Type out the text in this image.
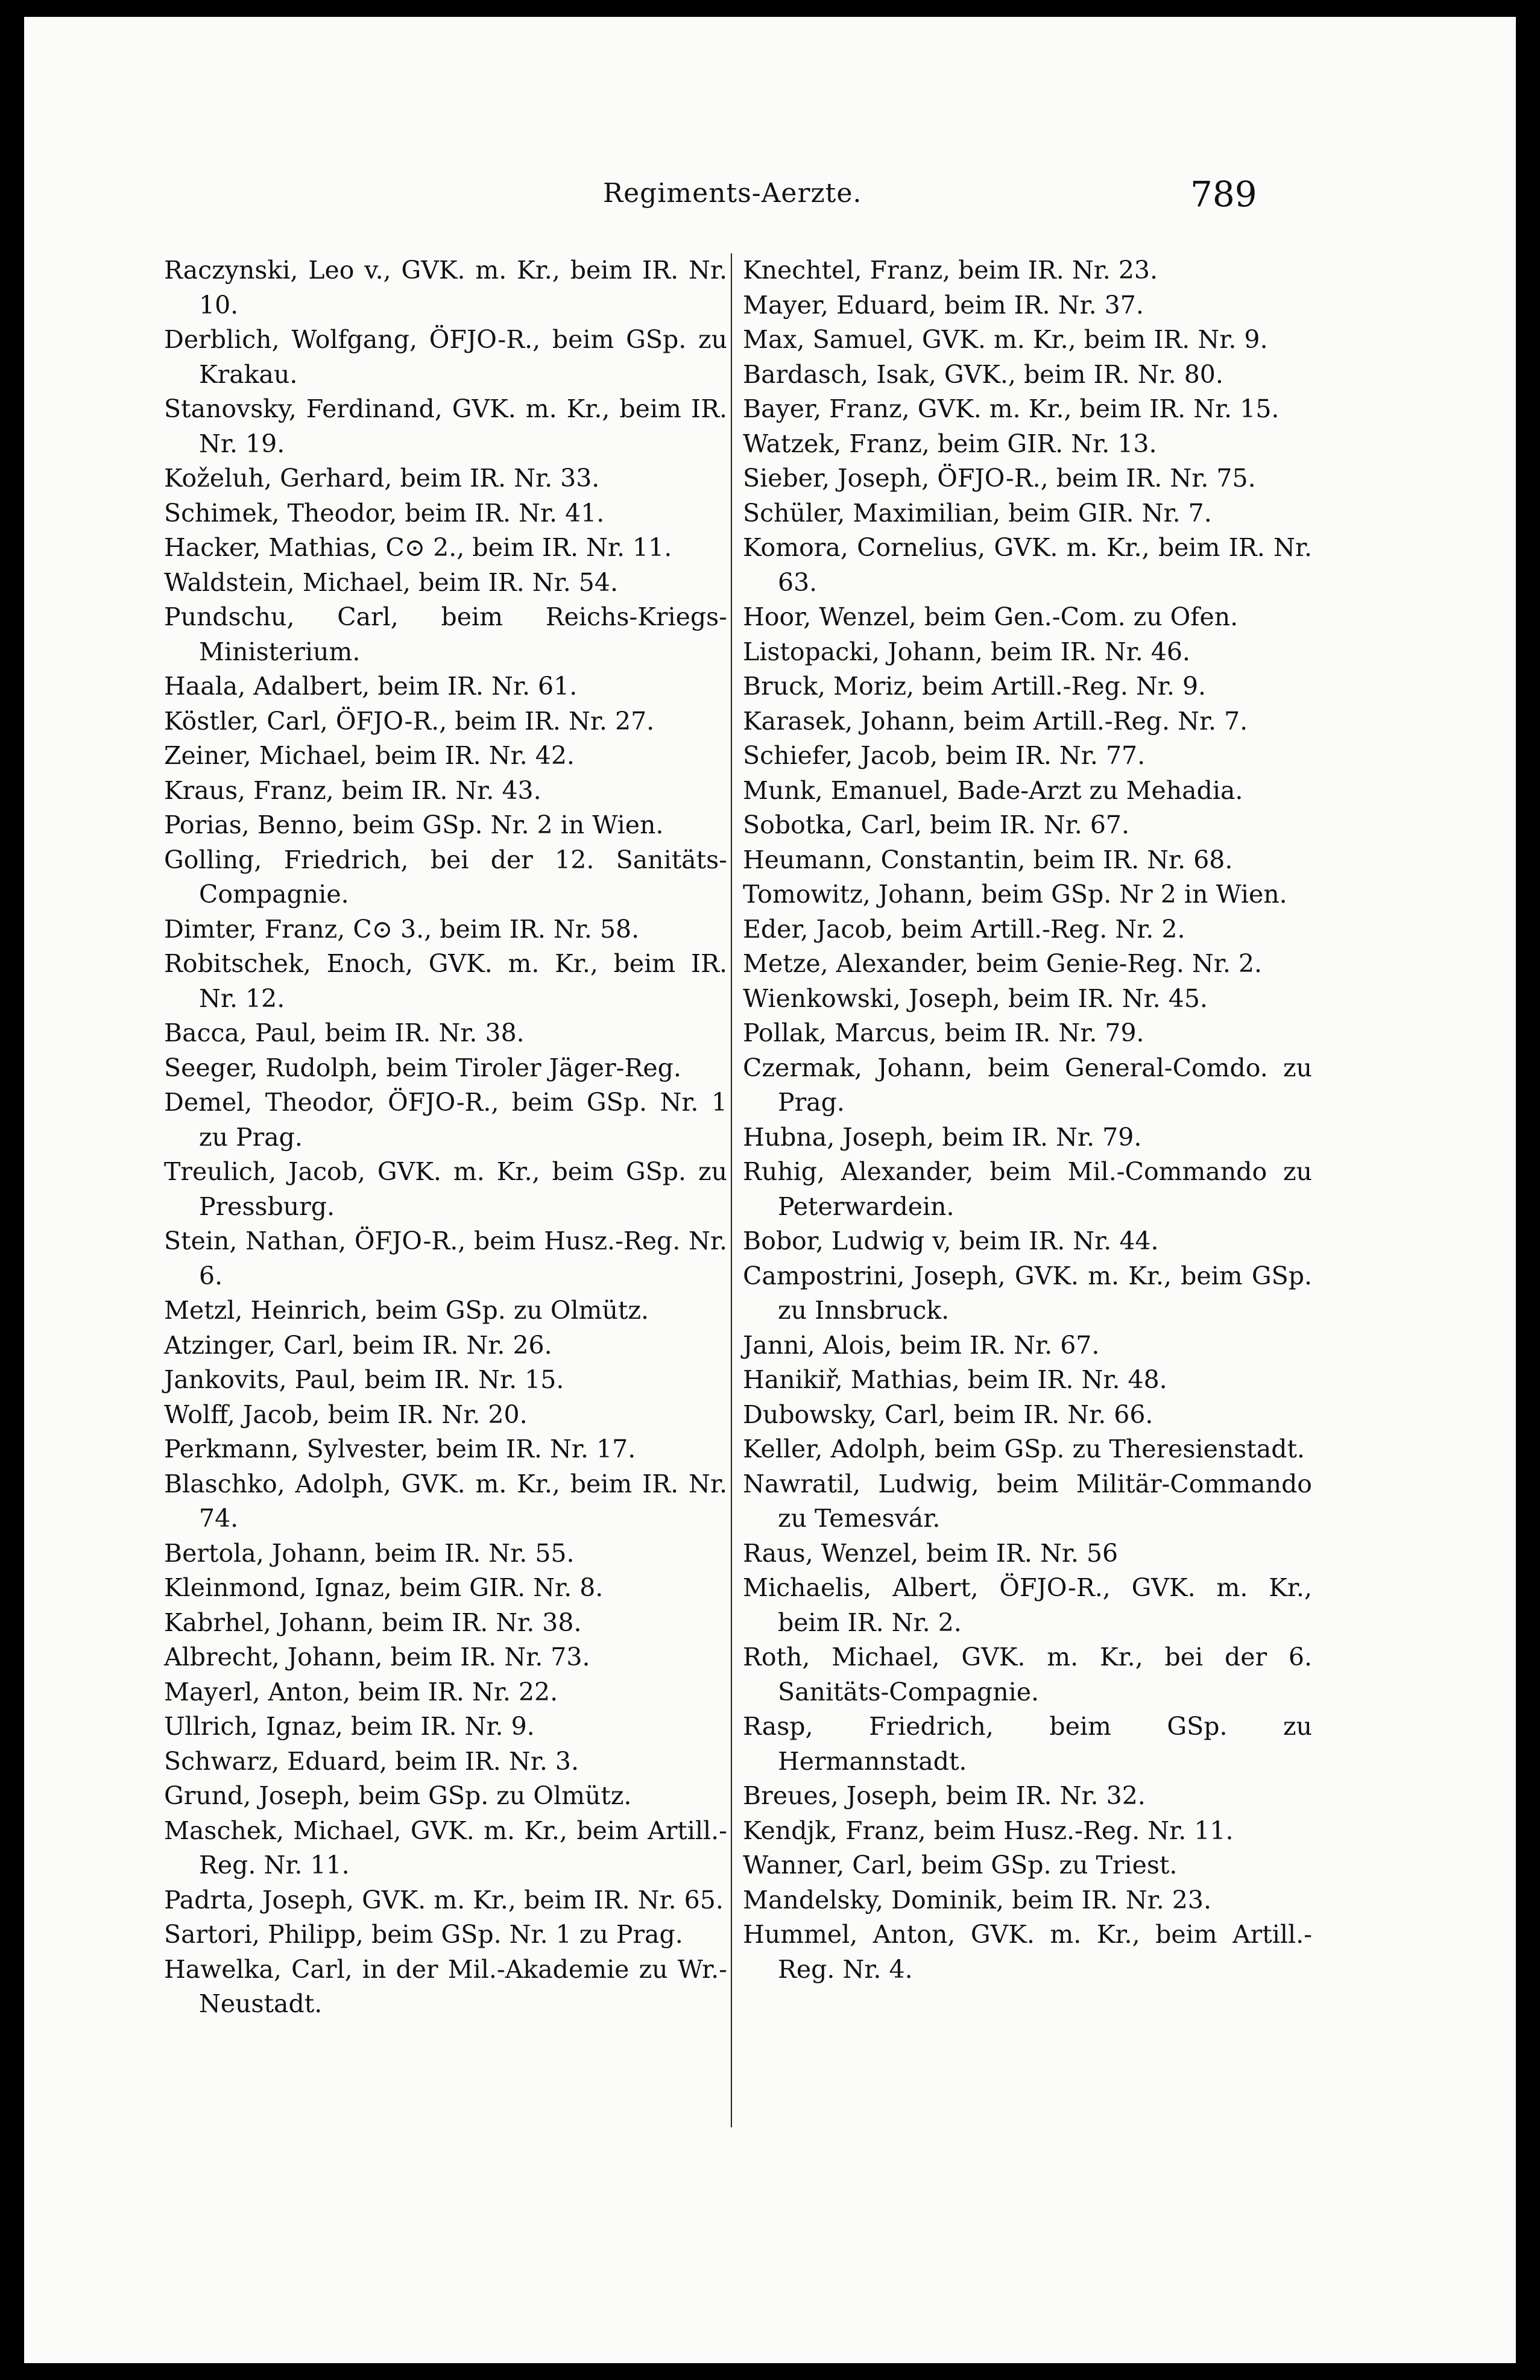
Regiments-Aerzte.	789
Raczynski, Leo v., GVK. m. Kr., beim IR. Nr. 10.
Derblich, Wolfgang, ÖFJO-R., beim GSp. zu Krakau.
Stanovsky, Ferdinand, GVK. m. Kr., beim IR. Nr. 19.
Koželuh, Gerhard, beim IR. Nr. 33.
Schimek, Theodor, beim IR. Nr. 41.
Hacker, Mathias, C⊙ 2., beim IR. Nr. 11.
Waldstein, Michael, beim IR. Nr. 54.
Pundschu, Carl, beim Reichs-Kriegs-Ministerium.
Haala, Adalbert, beim IR. Nr. 61.
Köstler, Carl, ÖFJO-R., beim IR. Nr. 27.
Zeiner, Michael, beim IR. Nr. 42.
Kraus, Franz, beim IR. Nr. 43.
Porias, Benno, beim GSp. Nr. 2 in Wien.
Golling, Friedrich, bei der 12. Sanitäts-Compagnie.
Dimter, Franz, C⊙ 3., beim IR. Nr. 58.
Robitschek, Enoch, GVK. m. Kr., beim IR. Nr. 12.
Bacca, Paul, beim IR. Nr. 38.
Seeger, Rudolph, beim Tiroler Jäger-Reg.
Demel, Theodor, ÖFJO-R., beim GSp. Nr. 1 zu Prag.
Treulich, Jacob, GVK. m. Kr., beim GSp. zu Pressburg.
Stein, Nathan, ÖFJO-R., beim Husz.-Reg. Nr. 6.
Metzl, Heinrich, beim GSp. zu Olmütz.
Atzinger, Carl, beim IR. Nr. 26.
Jankovits, Paul, beim IR. Nr. 15.
Wolff, Jacob, beim IR. Nr. 20.
Perkmann, Sylvester, beim IR. Nr. 17.
Blaschko, Adolph, GVK. m. Kr., beim IR. Nr. 74.
Bertola, Johann, beim IR. Nr. 55.
Kleinmond, Ignaz, beim GIR. Nr. 8.
Kabrhel, Johann, beim IR. Nr. 38.
Albrecht, Johann, beim IR. Nr. 73.
Mayerl, Anton, beim IR. Nr. 22.
Ullrich, Ignaz, beim IR. Nr. 9.
Schwarz, Eduard, beim IR. Nr. 3.
Grund, Joseph, beim GSp. zu Olmütz.
Maschek, Michael, GVK. m. Kr., beim Artill.-Reg. Nr. 11.
Padrta, Joseph, GVK. m. Kr., beim IR. Nr. 65.
Sartori, Philipp, beim GSp. Nr. 1 zu Prag.
Hawelka, Carl, in der Mil.-Akademie zu Wr.-Neustadt.
Knechtel, Franz, beim IR. Nr. 23.
Mayer, Eduard, beim IR. Nr. 37.
Max, Samuel, GVK. m. Kr., beim IR. Nr. 9.
Bardasch, Isak, GVK., beim IR. Nr. 80.
Bayer, Franz, GVK. m. Kr., beim IR. Nr. 15.
Watzek, Franz, beim GIR. Nr. 13.
Sieber, Joseph, ÖFJO-R., beim IR. Nr. 75.
Schüler, Maximilian, beim GIR. Nr. 7.
Komora, Cornelius, GVK. m. Kr., beim IR. Nr. 63.
Hoor, Wenzel, beim Gen.-Com. zu Ofen.
Listopacki, Johann, beim IR. Nr. 46.
Bruck, Moriz, beim Artill.-Reg. Nr. 9.
Karasek, Johann, beim Artill.-Reg. Nr. 7.
Schiefer, Jacob, beim IR. Nr. 77.
Munk, Emanuel, Bade-Arzt zu Mehadia.
Sobotka, Carl, beim IR. Nr. 67.
Heumann, Constantin, beim IR. Nr. 68.
Tomowitz, Johann, beim GSp. Nr 2 in Wien.
Eder, Jacob, beim Artill.-Reg. Nr. 2.
Metze, Alexander, beim Genie-Reg. Nr. 2.
Wienkowski, Joseph, beim IR. Nr. 45.
Pollak, Marcus, beim IR. Nr. 79.
Czermak, Johann, beim General-Comdo. zu Prag.
Hubna, Joseph, beim IR. Nr. 79.
Ruhig, Alexander, beim Mil.-Commando zu Peterwardein.
Bobor, Ludwig v, beim IR. Nr. 44.
Campostrini, Joseph, GVK. m. Kr., beim GSp. zu Innsbruck.
Janni, Alois, beim IR. Nr. 67.
Hanikiř, Mathias, beim IR. Nr. 48.
Dubowsky, Carl, beim IR. Nr. 66.
Keller, Adolph, beim GSp. zu Theresienstadt.
Nawratil, Ludwig, beim Militär-Commando zu Temesvár.
Raus, Wenzel, beim IR. Nr. 56
Michaelis, Albert, ÖFJO-R., GVK. m. Kr., beim IR. Nr. 2.
Roth, Michael, GVK. m. Kr., bei der 6. Sanitäts-Compagnie.
Rasp, Friedrich, beim GSp. zu Hermannstadt.
Breues, Joseph, beim IR. Nr. 32.
Kendjk, Franz, beim Husz.-Reg. Nr. 11.
Wanner, Carl, beim GSp. zu Triest.
Mandelsky, Dominik, beim IR. Nr. 23.
Hummel, Anton, GVK. m. Kr., beim Artill.-Reg. Nr. 4.
